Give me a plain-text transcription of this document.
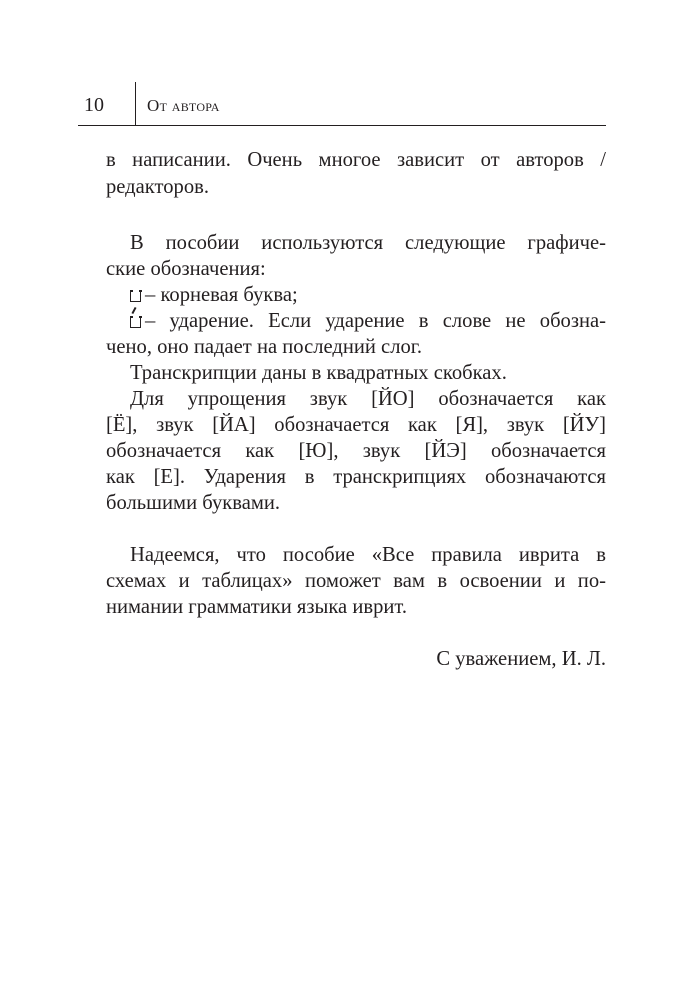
10	От автора
в написании. Очень многое зависит от авторов /
редакторов.
В пособии используются следующие графиче-
ские обозначения:
– корневая буква;
– ударение. Если ударение в слове не обозна-
чено, оно падает на последний слог.
Транскрипции даны в квадратных скобках.
Для упрощения звук [ЙО] обозначается как
[Ё], звук [ЙА] обозначается как [Я], звук [ЙУ]
обозначается как [Ю], звук [ЙЭ] обозначается
как [Е]. Ударения в транскрипциях обозначаются
большими буквами.
Надеемся, что пособие «Все правила иврита в
схемах и таблицах» поможет вам в освоении и по-
нимании грамматики языка иврит.
С уважением, И. Л.
